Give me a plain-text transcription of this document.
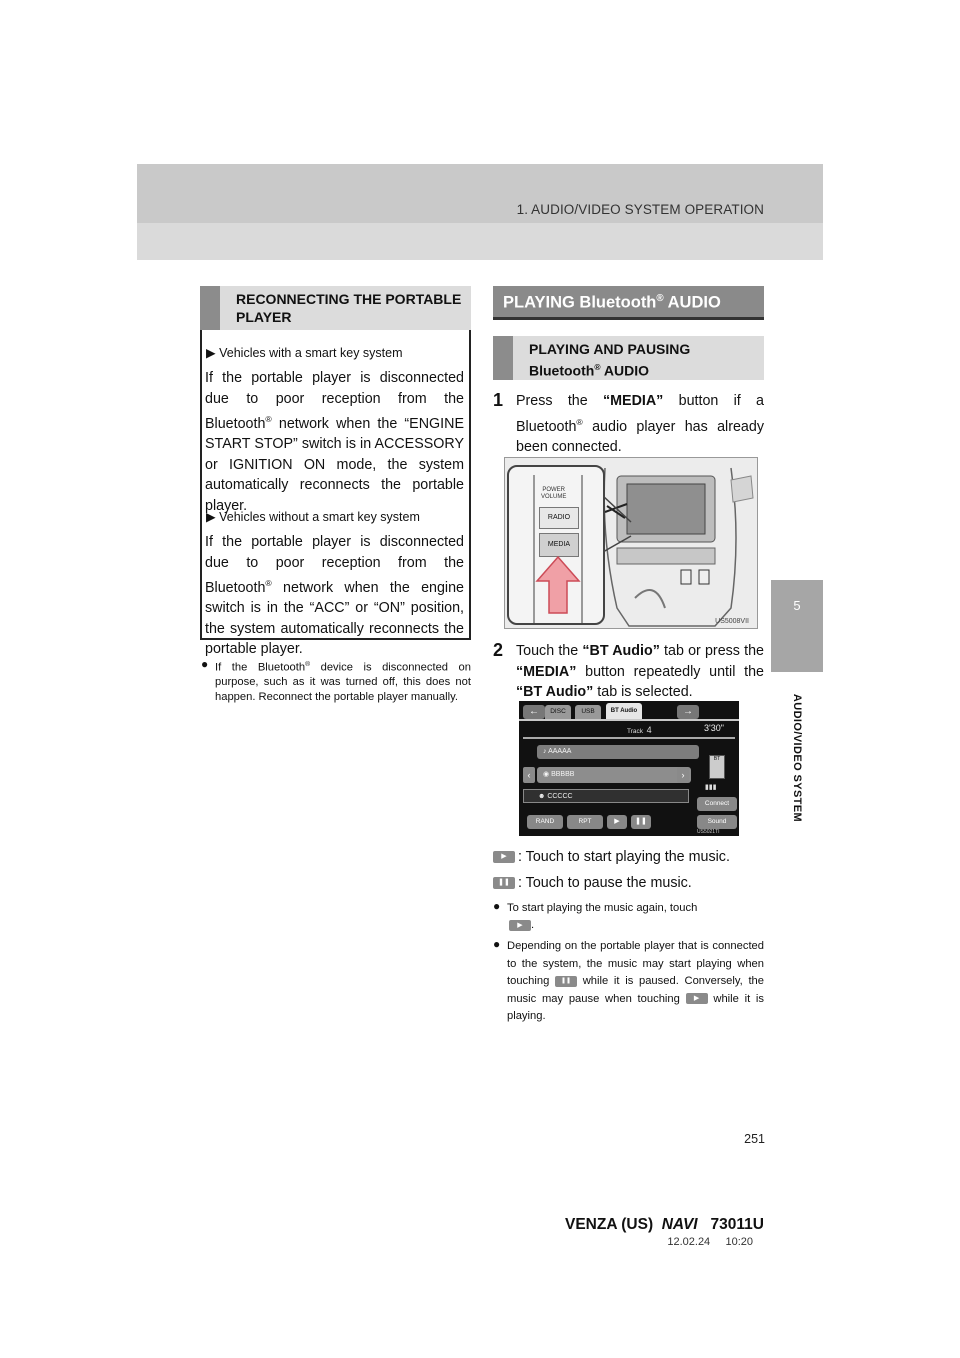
1. AUDIO/VIDEO SYSTEM OPERATION
5
AUDIO/VIDEO SYSTEM
RECONNECTING THE PORTABLE PLAYER
▶ Vehicles with a smart key system
If the portable player is disconnected due to poor reception from the Bluetooth® network when the “ENGINE START STOP” switch is in ACCESSORY or IGNITION ON mode, the system automatically reconnects the portable player.
▶ Vehicles without a smart key system
If the portable player is disconnected due to poor reception from the Bluetooth® network when the engine switch is in the “ACC” or “ON” position, the system automatically reconnects the portable player.
● If the Bluetooth® device is disconnected on purpose, such as it was turned off, this does not happen. Reconnect the portable player manually.
PLAYING Bluetooth® AUDIO
PLAYING AND PAUSING Bluetooth® AUDIO
1 Press the “MEDIA” button if a Bluetooth® audio player has already been connected.
POWER
VOLUME
RADIO
MEDIA
US5008VII
2 Touch the “BT Audio” tab or press the “MEDIA” button repeatedly until the “BT Audio” tab is selected.
←	DISC	USB	BT Audio	→
Track 4	3'30"
♪ AAAAA
‹	◉ BBBBB	›
☻ CCCCC
BT
▮▮▮
Connect
Sound
RAND	RPT	▶	❚❚
US5021TI
▶ : Touch to start playing the music.
❚❚ : Touch to pause the music.
● To start playing the music again, touch
▶ .
● Depending on the portable player that is connected to the system, the music may start playing when touching ❚❚ while it is paused. Conversely, the music may pause when touching ▶ while it is playing.
251
VENZA (US) NAVI 73011U
12.02.24     10:20
